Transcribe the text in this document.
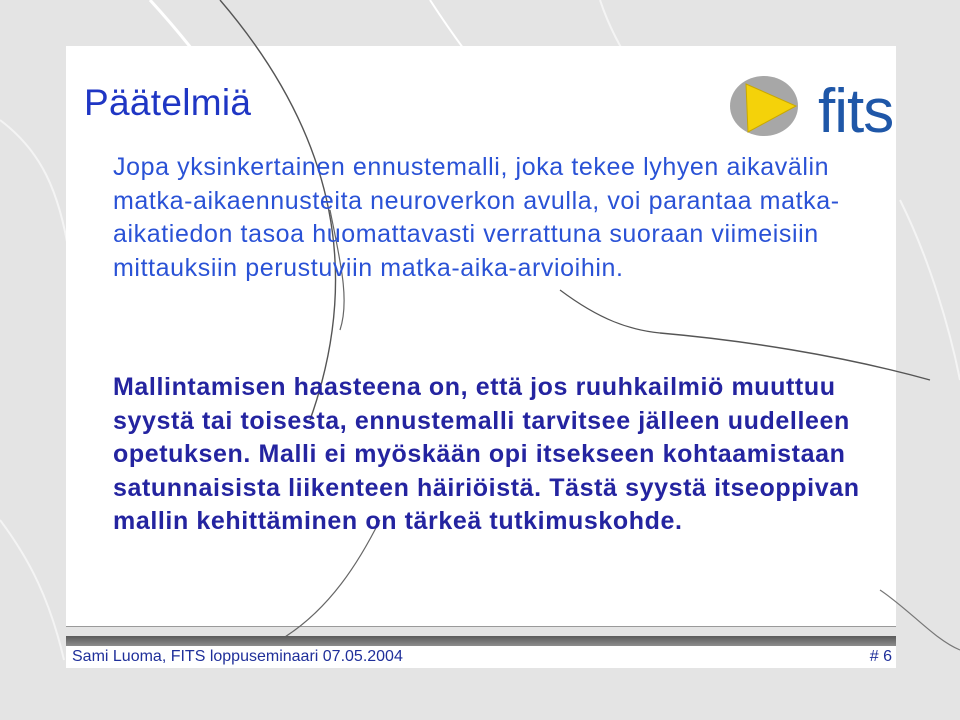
fits
Päätelmiä

Jopa yksinkertainen ennustemalli, joka tekee lyhyen aikavälin matka-aikaennusteita neuroverkon avulla, voi parantaa matka-aikatiedon tasoa huomattavasti verrattuna suoraan viimeisiin mittauksiin perustuviin matka-aika-arvioihin.

Mallintamisen haasteena on, että jos ruuhkailmiö muuttuu syystä tai toisesta, ennustemalli tarvitsee jälleen uudelleen opetuksen. Malli ei myöskään opi itsekseen kohtaamistaan satunnaisista liikenteen häiriöistä. Tästä syystä itseoppivan mallin kehittäminen on tärkeä tutkimuskohde.

Sami Luoma, FITS loppuseminaari 07.05.2004	# 6
